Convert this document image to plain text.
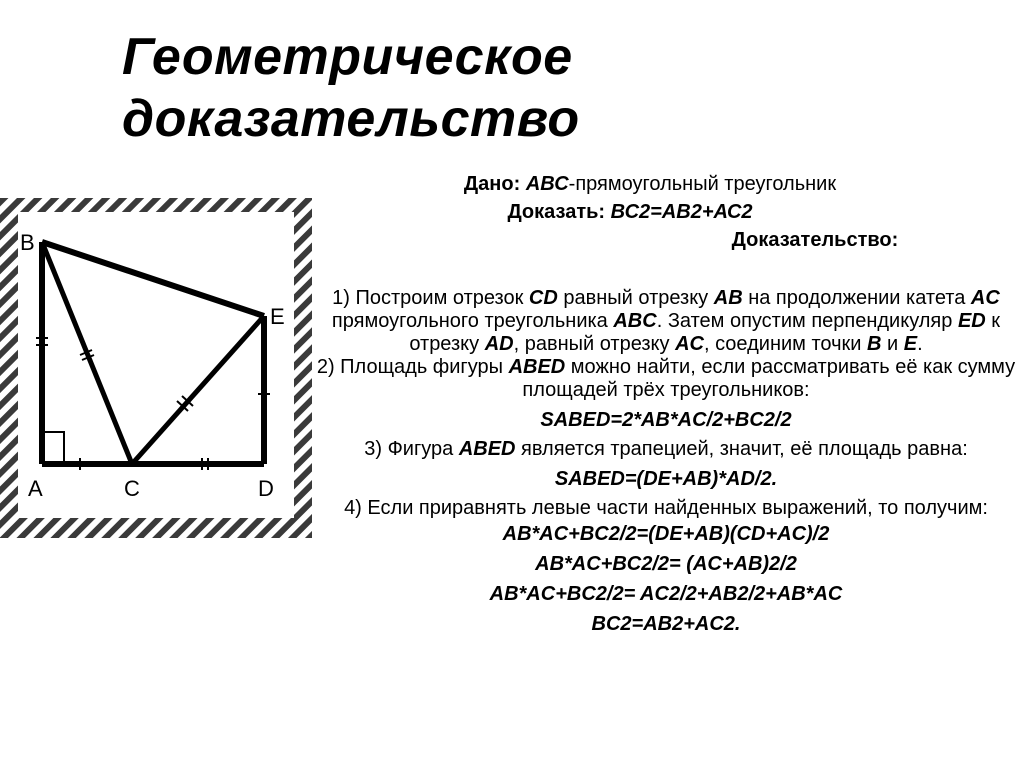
Геометрическое
доказательство
B
E
A	C	D
Дано: АВС-прямоугольный треугольник
Доказать: ВС2=АВ2+АС2
Доказательство:

1) Построим отрезок CD равный отрезку AB на продолжении катета AC прямоугольного треугольника ABC. Затем опустим перпендикуляр ED к отрезку AD, равный отрезку AC, соединим точки B и E.

2) Площадь фигуры ABED можно найти, если рассматривать её как сумму площадей трёх треугольников:

SABED=2*AB*AC/2+BC2/2

3) Фигура ABED является трапецией, значит, её площадь равна:

SABED=(DE+AB)*AD/2.

4) Если приравнять левые части найденных выражений, то получим:

AB*AC+BC2/2=(DE+AB)(CD+AC)/2

AB*AC+BC2/2= (AC+AB)2/2

AB*AC+BC2/2= AC2/2+AB2/2+AB*AC

BC2=AB2+AC2.
